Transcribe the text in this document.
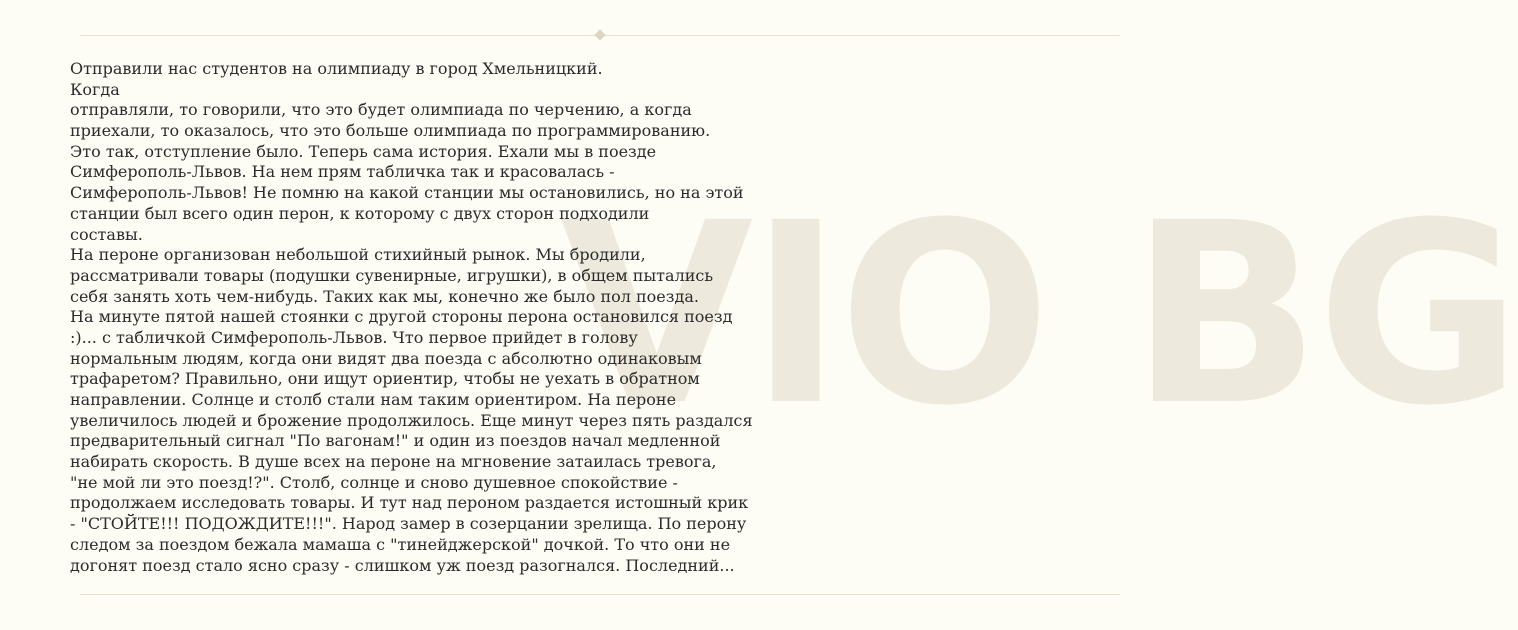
VIO BG
Отправили нас студентов на олимпиаду в город Хмельницкий.
Когда
отправляли, то говорили, что это будет олимпиада по черчению, а когда
приехали, то оказалось, что это больше олимпиада по программированию.
Это так, отступление было. Теперь сама история. Ехали мы в поезде
Симферополь-Львов. На нем прям табличка так и красовалась -
Симферополь-Львов! Не помню на какой станции мы остановились, но на этой
станции был всего один перон, к которому с двух сторон подходили
составы.
На пероне организован небольшой стихийный рынок. Мы бродили,
рассматривали товары (подушки сувенирные, игрушки), в общем пытались
себя занять хоть чем-нибудь. Таких как мы, конечно же было пол поезда.
На минуте пятой нашей стоянки с другой стороны перона остановился поезд
:)... с табличкой Симферополь-Львов. Что первое прийдет в голову
нормальным людям, когда они видят два поезда с абсолютно одинаковым
трафаретом? Правильно, они ищут ориентир, чтобы не уехать в обратном
направлении. Солнце и столб стали нам таким ориентиром. На пероне
увеличилось людей и брожение продолжилось. Еще минут через пять раздался
предварительный сигнал "По вагонам!" и один из поездов начал медленной
набирать скорость. В душе всех на пероне на мгновение затаилась тревога,
"не мой ли это поезд!?". Столб, солнце и сново душевное спокойствие -
продолжаем исследовать товары. И тут над пероном раздается истошный крик
- "СТОЙТЕ!!! ПОДОЖДИТЕ!!!". Народ замер в созерцании зрелища. По перону
следом за поездом бежала мамаша с "тинейджерской" дочкой. То что они не
догонят поезд стало ясно сразу - слишком уж поезд разогнался. Последний...
